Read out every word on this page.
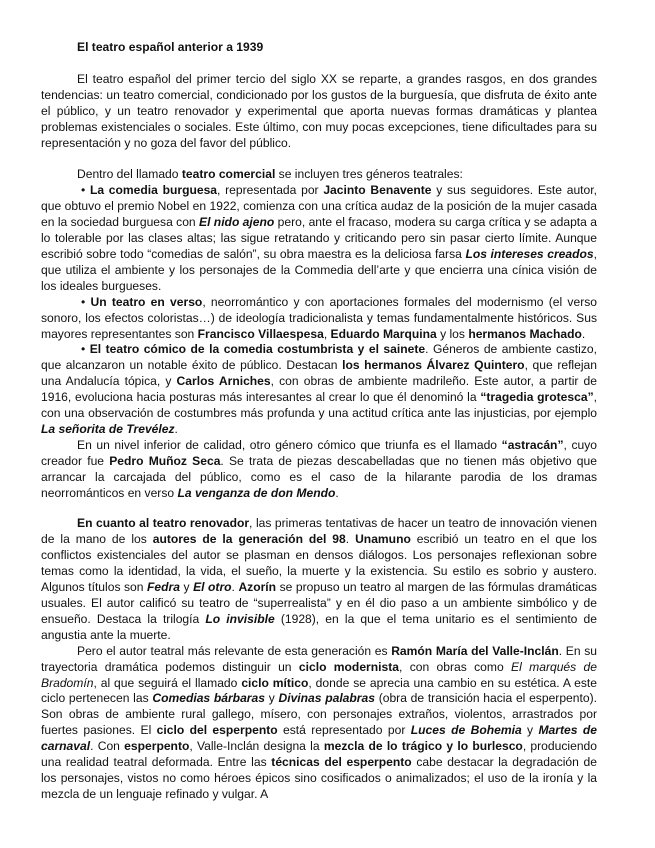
El teatro español anterior a 1939

El teatro español del primer tercio del siglo XX se reparte, a grandes rasgos, en dos grandes tendencias: un teatro comercial, condicionado por los gustos de la burguesía, que disfruta de éxito ante el público, y un teatro renovador y experimental que aporta nuevas formas dramáticas y plantea problemas existenciales o sociales. Este último, con muy pocas excepciones, tiene dificultades para su representación y no goza del favor del público.

Dentro del llamado teatro comercial se incluyen tres géneros teatrales:

• La comedia burguesa, representada por Jacinto Benavente y sus seguidores. Este autor, que obtuvo el premio Nobel en 1922, comienza con una crítica audaz de la posición de la mujer casada en la sociedad burguesa con El nido ajeno pero, ante el fracaso, modera su carga crítica y se adapta a lo tolerable por las clases altas; las sigue retratando y criticando pero sin pasar cierto límite. Aunque escribió sobre todo “comedias de salón”, su obra maestra es la deliciosa farsa Los intereses creados, que utiliza el ambiente y los personajes de la Commedia dell’arte y que encierra una cínica visión de los ideales burgueses.

• Un teatro en verso, neorromántico y con aportaciones formales del modernismo (el verso sonoro, los efectos coloristas…) de ideología tradicionalista y temas fundamentalmente históricos. Sus mayores representantes son Francisco Villaespesa, Eduardo Marquina y los hermanos Machado.

• El teatro cómico de la comedia costumbrista y el sainete. Géneros de ambiente castizo, que alcanzaron un notable éxito de público. Destacan los hermanos Álvarez Quintero, que reflejan una Andalucía tópica, y Carlos Arniches, con obras de ambiente madrileño. Este autor, a partir de 1916, evoluciona hacia posturas más interesantes al crear lo que él denominó la “tragedia grotesca”, con una observación de costumbres más profunda y una actitud crítica ante las injusticias, por ejemplo La señorita de Trevélez.

En un nivel inferior de calidad, otro género cómico que triunfa es el llamado “astracán”, cuyo creador fue Pedro Muñoz Seca. Se trata de piezas descabelladas que no tienen más objetivo que arrancar la carcajada del público, como es el caso de la hilarante parodia de los dramas neorrománticos en verso La venganza de don Mendo.

En cuanto al teatro renovador, las primeras tentativas de hacer un teatro de innovación vienen de la mano de los autores de la generación del 98. Unamuno escribió un teatro en el que los conflictos existenciales del autor se plasman en densos diálogos. Los personajes reflexionan sobre temas como la identidad, la vida, el sueño, la muerte y la existencia. Su estilo es sobrio y austero. Algunos títulos son Fedra y El otro. Azorín se propuso un teatro al margen de las fórmulas dramáticas usuales. El autor calificó su teatro de “superrealista” y en él dio paso a un ambiente simbólico y de ensueño. Destaca la trilogía Lo invisible (1928), en la que el tema unitario es el sentimiento de angustia ante la muerte.

Pero el autor teatral más relevante de esta generación es Ramón María del Valle-Inclán. En su trayectoria dramática podemos distinguir un ciclo modernista, con obras como El marqués de Bradomín, al que seguirá el llamado ciclo mítico, donde se aprecia una cambio en su estética. A este ciclo pertenecen las Comedias bárbaras y Divinas palabras (obra de transición hacia el esperpento). Son obras de ambiente rural gallego, mísero, con personajes extraños, violentos, arrastrados por fuertes pasiones. El ciclo del esperpento está representado por Luces de Bohemia y Martes de carnaval. Con esperpento, Valle-Inclán designa la mezcla de lo trágico y lo burlesco, produciendo una realidad teatral deformada. Entre las técnicas del esperpento cabe destacar la degradación de los personajes, vistos no como héroes épicos sino cosificados o animalizados; el uso de la ironía y la mezcla de un lenguaje refinado y vulgar. A
